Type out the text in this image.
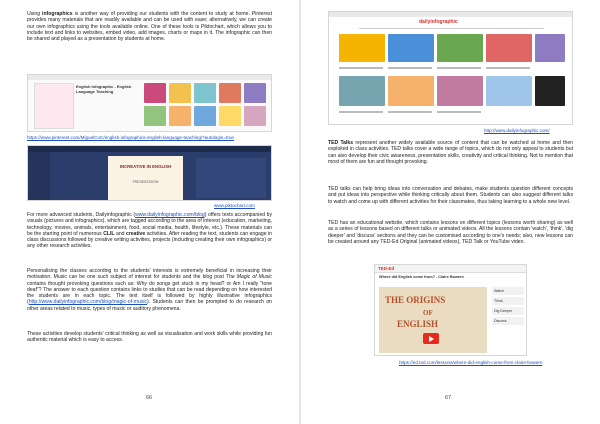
Using infographics is another way of providing our students with the content to study at home. Pinterest provides many materials that are readily available and can be used with ease; alternatively, we can create our own infographics using the tools available online. One of these tools is Piktochart, which allows you to include text and links to websites, embed video, add images, charts or maps in it. The infographic can then be shared and played as a presentation by students at home.

English Infographic - English Language Teaching
https://www.pinterest.com/MiguelCoC/english-infographics-english-language-teaching/?autologin=true
INCREATIVE IN ENGLISH
PRESENTATION
www.piktochart.com

For more advanced students, Dailyinfographic (www.dailyinfographic.com/blog) offers texts accompanied by visuals (pictures and infographics), which are tagged according to the area of interest (education, marketing, technology, movies, animals, entertainment, food, social media, health, lifestyle, etc.). These materials can be the starting point of numerous CLIL and creative activities. After reading the text, students can engage in class discussions followed by creative writing activities, projects (including creating their own infographics) or any other research activities.

Personalising the classes according to the students' interests is extremely beneficial in increasing their motivation. Music can be one such subject of interest for students and the blog post The Magic of Music contains thought provoking questions such as: Why do songs get stuck in my head? or Am I really "tone deaf"? The answer to each question contains links to studies that can be read depending on how interested the students are in each topic. The text itself is followed by highly illustrative infographics (http://www.dailyinfographic.com/blog/magic-of-music). Students can then be prompted to do research on other areas related to music, types of music or auditory phenomena.

These activities develop students' critical thinking as well as visualisation and work skills while providing fun authentic material which is easy to access.

66
dailyinfographic
http://www.dailyinfographic.com/

TED Talks represent another widely available source of content that can be watched at home and then exploited in class activities. TED talks cover a wide range of topics, which do not only appeal to students but can also develop their civic awareness, presentation skills, creativity and critical thinking. Not to mention that most of them are fun and thought provoking.

TED talks can help bring ideas into conversation and debates, make students question different concepts and put ideas into perspective while thinking critically about them. Students can also suggest different talks to watch and come up with different activities for their classmates, thus taking learning to a whole new level.

TED has an educational website, which contains lessons on different topics (lessons worth sharing) as well as a series of lessons based on different talks or animated videos. All the lessons contain 'watch', 'think', 'dig deeper' and 'discuss' sections and they can be customised according to one's needs; also, new lessons can be created around any TED-Ed Original (animated videos), TED Talk or YouTube video.

TED-Ed
Where did English come from? - Claire Bowern
THE ORIGINS
OF
ENGLISH
Watch
Think
Dig Deeper
Discuss
https://ed.ted.com/lessons/where-did-english-come-from-claire-bowern
67
